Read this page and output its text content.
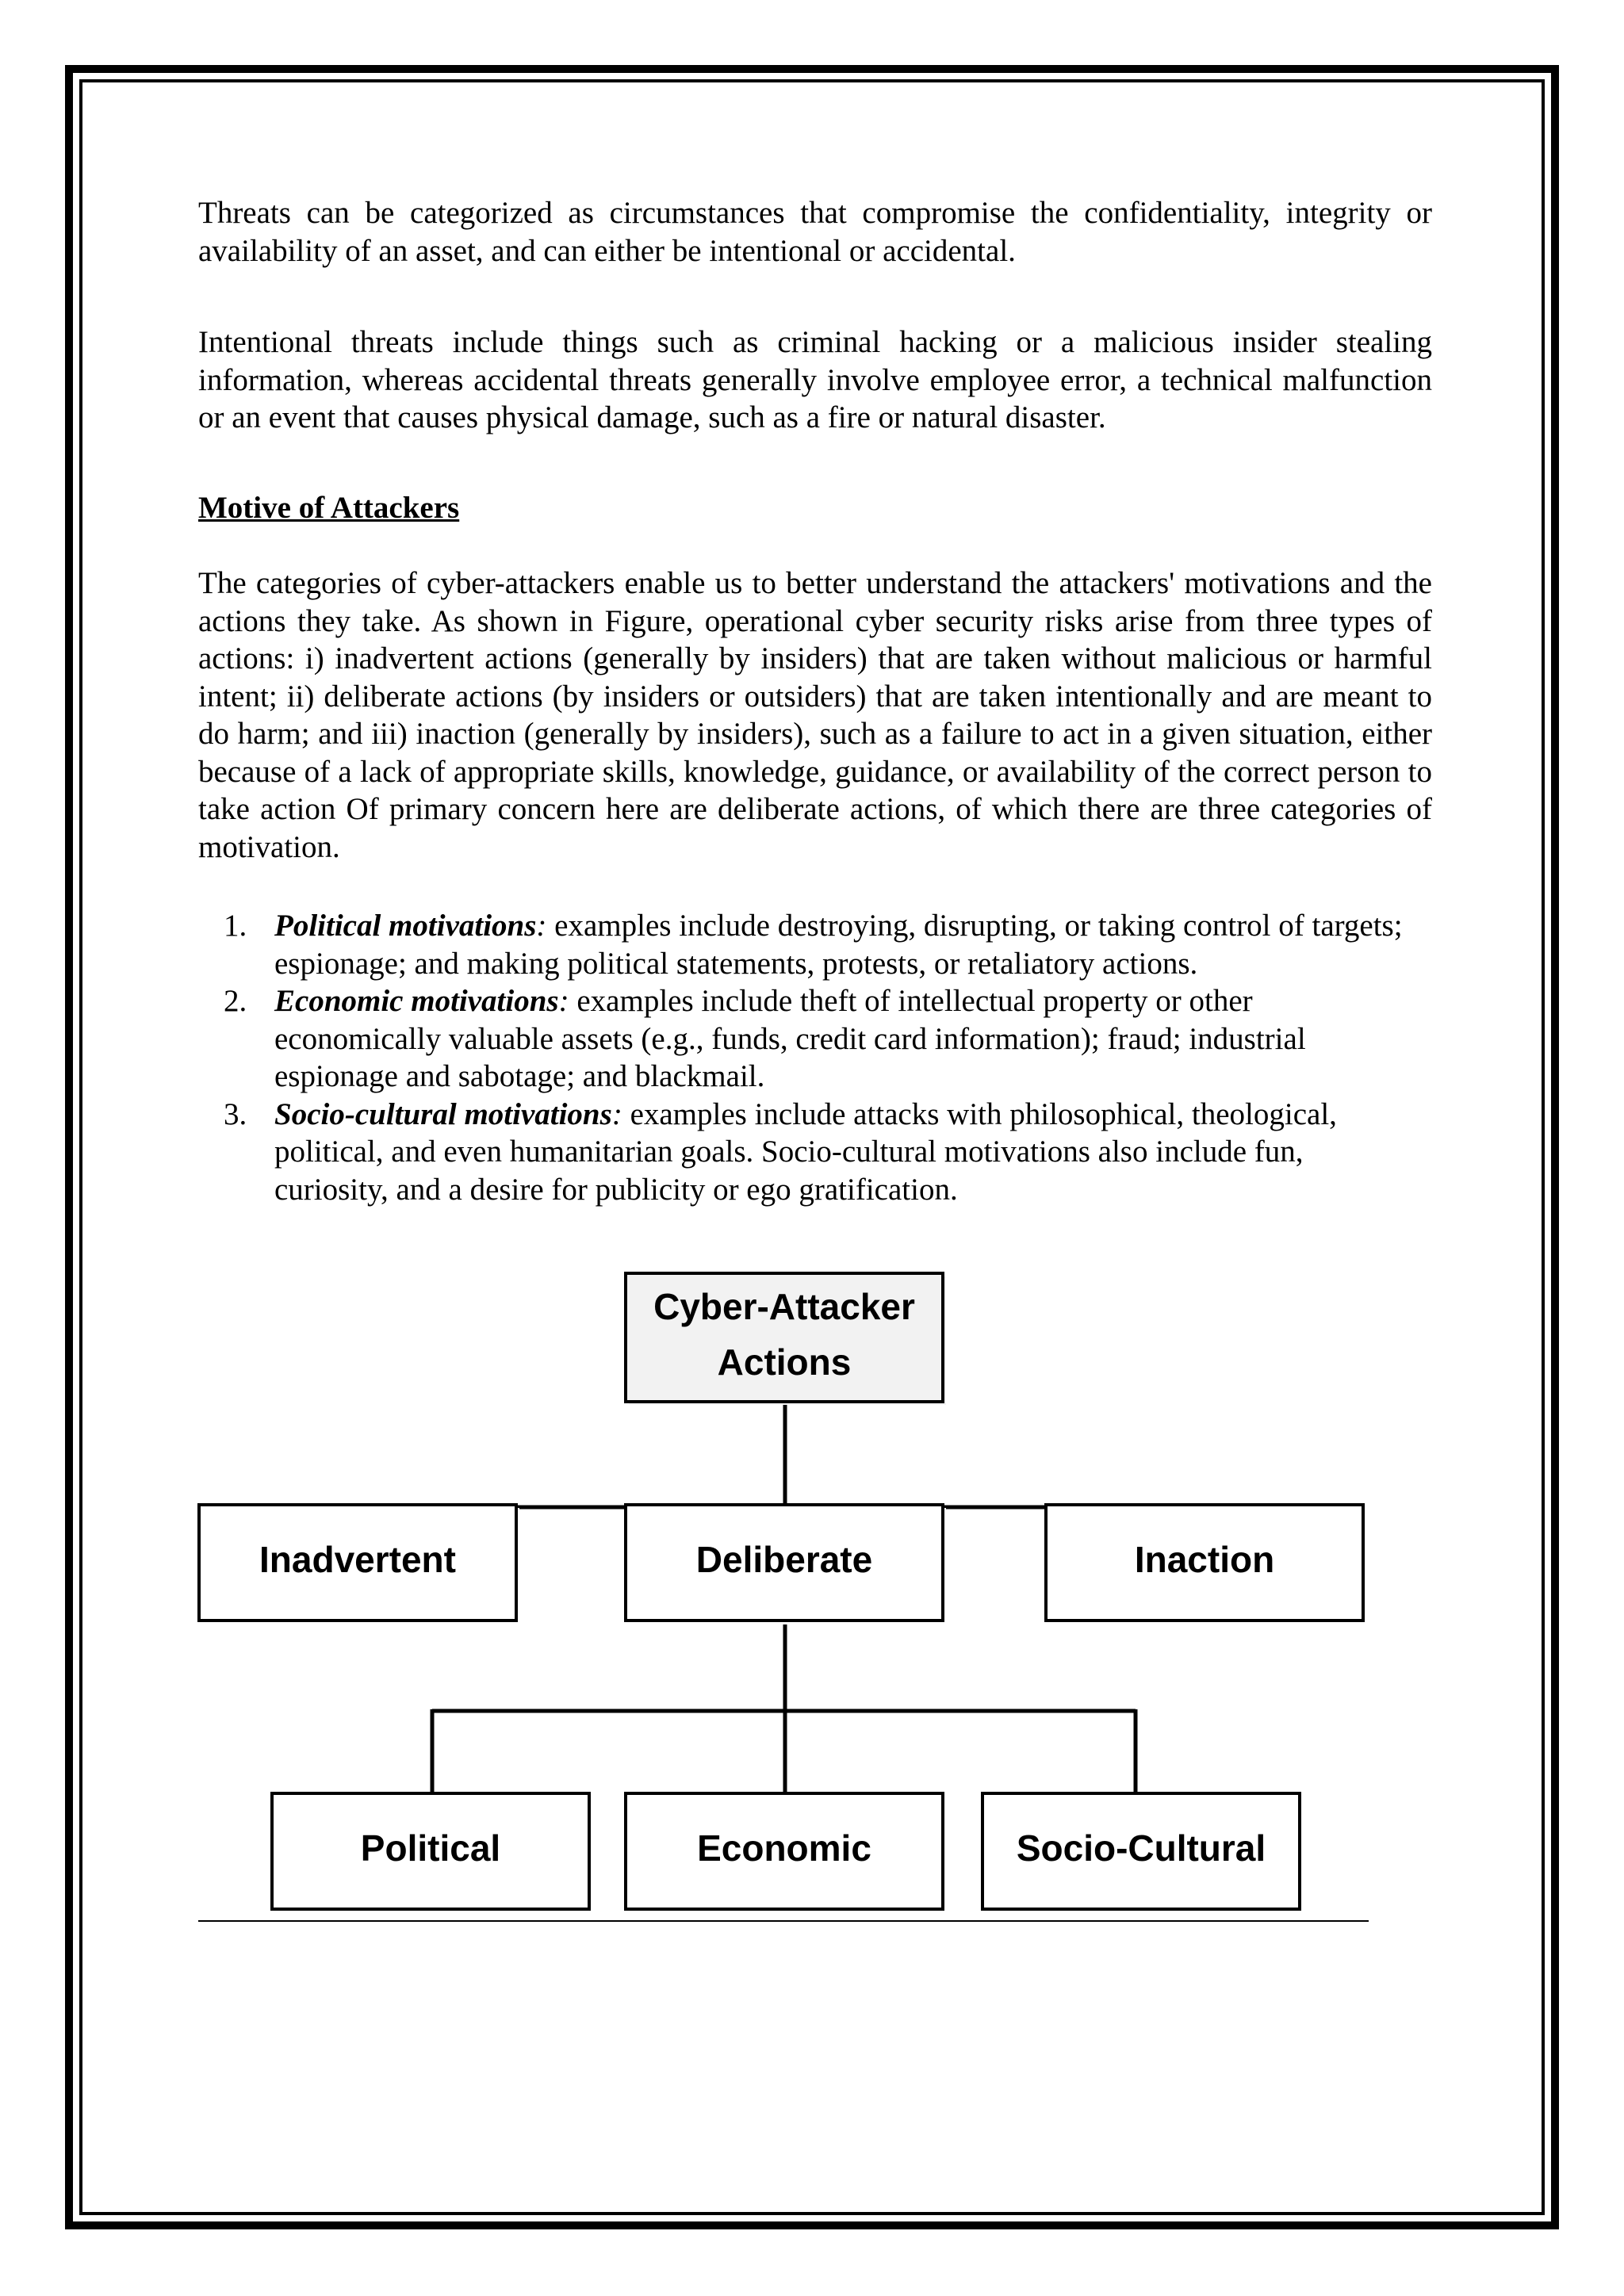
Threats can be categorized as circumstances that compromise the confidentiality, integrity or availability of an asset, and can either be intentional or accidental.

Intentional threats include things such as criminal hacking or a malicious insider stealing information, whereas accidental threats generally involve employee error, a technical malfunction or an event that causes physical damage, such as a fire or natural disaster.

Motive of Attackers

The categories of cyber-attackers enable us to better understand the attackers' motivations and the actions they take. As shown in Figure, operational cyber security risks arise from three types of actions: i) inadvertent actions (generally by insiders) that are taken without malicious or harmful intent; ii) deliberate actions (by insiders or outsiders) that are taken intentionally and are meant to do harm; and iii) inaction (generally by insiders), such as a failure to act in a given situation, either because of a lack of appropriate skills, knowledge, guidance, or availability of the correct person to take action Of primary concern here are deliberate actions, of which there are three categories of motivation.

1. Political motivations: examples include destroying, disrupting, or taking control of targets; espionage; and making political statements, protests, or retaliatory actions.
2. Economic motivations: examples include theft of intellectual property or other economically valuable assets (e.g., funds, credit card information); fraud; industrial espionage and sabotage; and blackmail.
3. Socio-cultural motivations: examples include attacks with philosophical, theological, political, and even humanitarian goals. Socio-cultural motivations also include fun, curiosity, and a desire for publicity or ego gratification.
Cyber-Attacker
Actions
Inadvertent	Deliberate	Inaction
Political	Economic	Socio-Cultural
